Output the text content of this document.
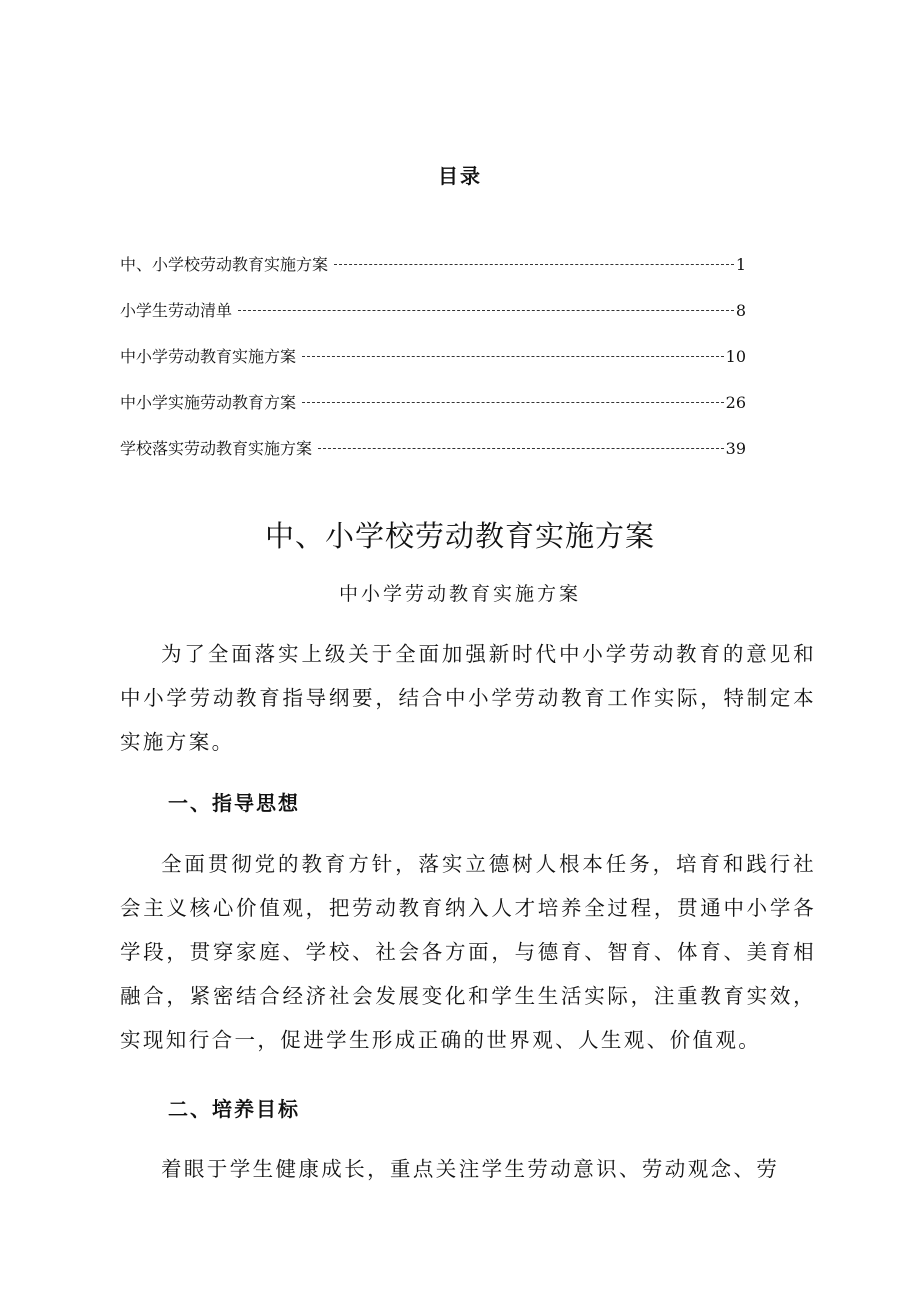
目录
中、小学校劳动教育实施方案	1
小学生劳动清单	8
中小学劳动教育实施方案	10
中小学实施劳动教育方案	26
学校落实劳动教育实施方案	39
中、小学校劳动教育实施方案
中小学劳动教育实施方案

为了全面落实上级关于全面加强新时代中小学劳动教育的意见和中小学劳动教育指导纲要，结合中小学劳动教育工作实际，特制定本实施方案。

一、指导思想

全面贯彻党的教育方针，落实立德树人根本任务，培育和践行社会主义核心价值观，把劳动教育纳入人才培养全过程，贯通中小学各学段，贯穿家庭、学校、社会各方面，与德育、智育、体育、美育相融合，紧密结合经济社会发展变化和学生生活实际，注重教育实效，实现知行合一，促进学生形成正确的世界观、人生观、价值观。

二、培养目标

着眼于学生健康成长，重点关注学生劳动意识、劳动观念、劳
